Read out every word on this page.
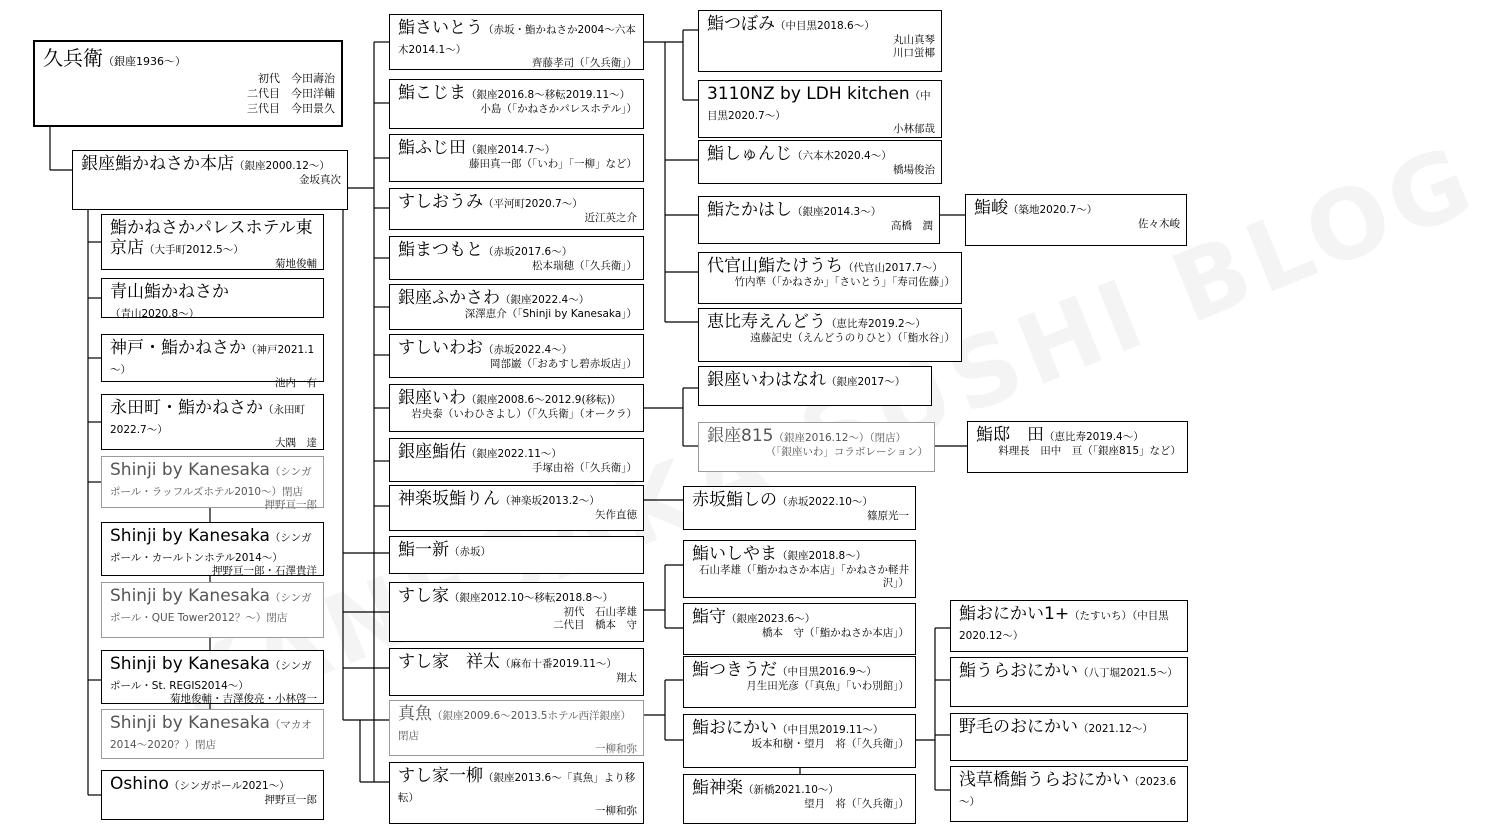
久兵衛（銀座1936～）
初代　今田壽治
二代目　今田洋輔
三代目　今田景久
銀座鮨かねさか本店（銀座2000.12～）
金坂真次
鮨かねさかパレスホテル東京店（大手町2012.5～）
菊地俊輔
青山鮨かねさか（青山2020.8～）
神戸・鮨かねさか（神戸2021.1～）
池内一有
永田町・鮨かねさか（永田町2022.7～）
大隅　達
Shinji by Kanesaka（シンガポール・ラッフルズホテル2010～）閉店
押野亘一郎
Shinji by Kanesaka（シンガポール・カールトンホテル2014～）
押野亘一郎・石澤貴洋
Shinji by Kanesaka（シンガポール・QUE Tower2012？～）閉店
Shinji by Kanesaka（シンガポール・St. REGIS2014～）
菊地俊輔・吉澤俊亮・小林啓一
Shinji by Kanesaka（マカオ2014～2020？）閉店
Oshino（シンガポール2021～）
押野亘一郎
鮨さいとう（赤坂・鮨かねさか2004～六本木2014.1～）
齊藤孝司（「久兵衛」）
鮨こじま（銀座2016.8～移転2019.11～）
小島（「かねさかパレスホテル」）
鮨ふじ田（銀座2014.7～）
藤田真一郎（「いわ」「一柳」など）
すしおうみ（平河町2020.7～）
近江英之介
鮨まつもと（赤坂2017.6～）
松本瑞穂（「久兵衛」）
銀座ふかさわ（銀座2022.4～）
深澤恵介（「Shinji by Kanesaka」）
すしいわお（赤坂2022.4～）
岡部巌（「おあすし碧赤坂店」）
銀座いわ（銀座2008.6～2012.9(移転)）
岩央泰（いわひさよし）（「久兵衛」（オークラ）
銀座鮨佑（銀座2022.11～）
手塚由裕（「久兵衛」）
神楽坂鮨りん（神楽坂2013.2～）
矢作直徳
鮨一新（赤坂）
すし家（銀座2012.10～移転2018.8～）
初代　石山孝雄
二代目　橋本　守
すし家　祥太（麻布十番2019.11～）
翔太
真魚（銀座2009.6～2013.5ホテル西洋銀座）閉店
一柳和弥
すし家一柳（銀座2013.6～「真魚」より移転）
一柳和弥
鮨つぼみ（中目黒2018.6～）
丸山真琴
川口蛍椰
3110NZ by LDH kitchen（中目黒2020.7～）
小林郁哉
鮨しゅんじ（六本木2020.4～）
橋場俊治
鮨たかはし（銀座2014.3～）
高橋　潤
代官山鮨たけうち（代官山2017.7～）
竹内準（「かねさか」「さいとう」「寿司佐藤」）
恵比寿えんどう（恵比寿2019.2～）
遠藤記史（えんどうのりひと）（「鮨水谷」）
銀座いわはなれ（銀座2017～）
銀座815（銀座2016.12～）（閉店）
（「銀座いわ」コラボレーション）
赤坂鮨しの（赤坂2022.10～）
篠原光一
鮨いしやま（銀座2018.8～）
石山孝雄（「鮨かねさか本店」「かねさか軽井沢」）
鮨守（銀座2023.6～）
橋本　守（「鮨かねさか本店」）
鮨つきうだ（中目黒2016.9～）
月生田光彦（「真魚」「いわ別館」）
鮨おにかい（中目黒2019.11～）
坂本和樹・望月　将（「久兵衛」）
鮨神楽（新橋2021.10～）
望月　将（「久兵衛」）
鮨峻（築地2020.7～）
佐々木峻
鮨邸　田（恵比寿2019.4～）
料理長　田中　亘（「銀座815」など）
鮨おにかい1+（たすいち）（中目黒2020.12～）
鮨うらおにかい（八丁堀2021.5～）
野毛のおにかい（2021.12～）
浅草橋鮨うらおにかい（2023.6～）
